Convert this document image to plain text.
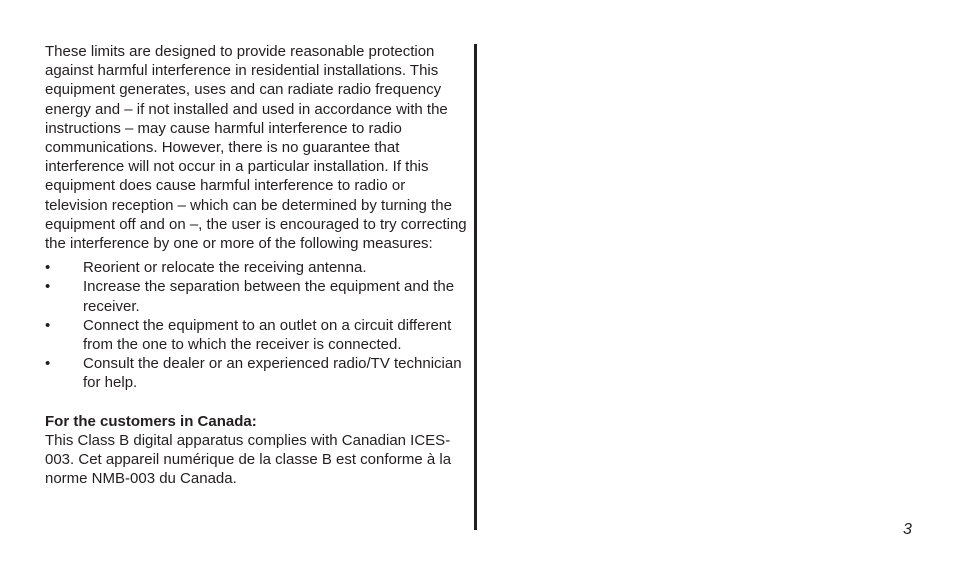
These limits are designed to provide reasonable protection against harmful interference in residential installations. This equipment generates, uses and can radiate radio frequency energy and – if not installed and used in accordance with the instructions – may cause harmful interference to radio communications. However, there is no guarantee that interference will not occur in a particular installation. If this equipment does cause harmful interference to radio or television reception – which can be determined by turning the equipment off and on –, the user is encouraged to try correcting the interference by one or more of the following measures:

• Reorient or relocate the receiving antenna.
• Increase the separation between the equipment and the receiver.
• Connect the equipment to an outlet on a circuit different from the one to which the receiver is connected.
• Consult the dealer or an experienced radio/TV technician for help.

For the customers in Canada:

This Class B digital apparatus complies with Canadian ICES-003. Cet appareil numérique de la classe B est conforme à la norme NMB-003 du Canada.

3
